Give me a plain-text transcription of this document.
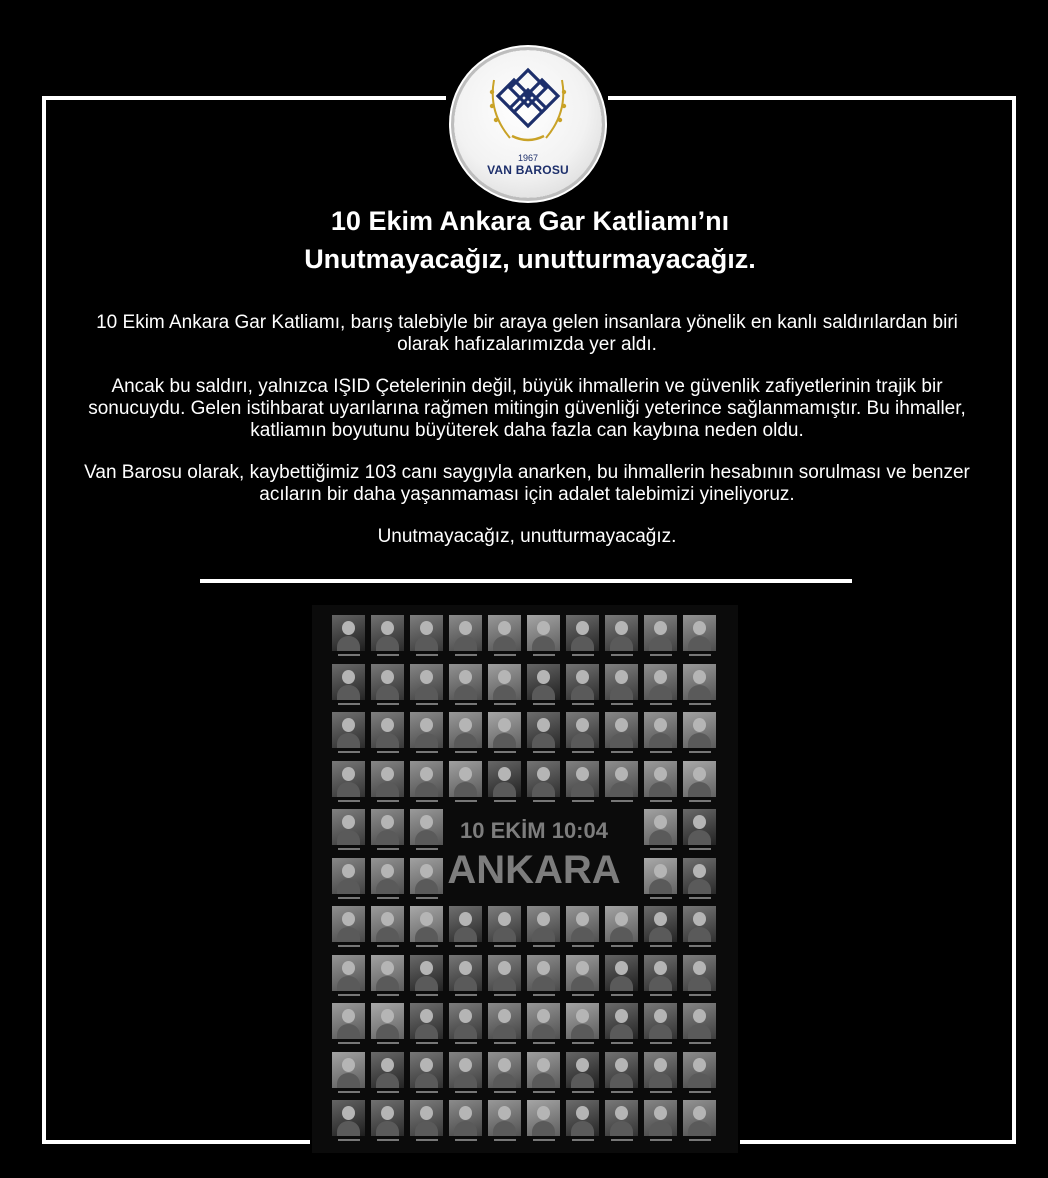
1967
VAN BAROSU
10 Ekim Ankara Gar Katliamı’nı
Unutmayacağız, unutturmayacağız.

10 Ekim Ankara Gar Katliamı, barış talebiyle bir araya gelen insanlara yönelik en kanlı saldırılardan biri olarak hafızalarımızda yer aldı.

Ancak bu saldırı, yalnızca IŞID Çetelerinin değil, büyük ihmallerin ve güvenlik zafiyetlerinin trajik bir sonucuydu. Gelen istihbarat uyarılarına rağmen mitingin güvenliği yeterince sağlanmamıştır. Bu ihmaller, katliamın boyutunu büyüterek daha fazla can kaybına neden oldu.

Van Barosu olarak, kaybettiğimiz 103 canı saygıyla anarken, bu ihmallerin hesabının sorulması ve benzer acıların bir daha yaşanmaması için adalet talebimizi yineliyoruz.

Unutmayacağız, unutturmayacağız.

10 EKİM 10:04
ANKARA
